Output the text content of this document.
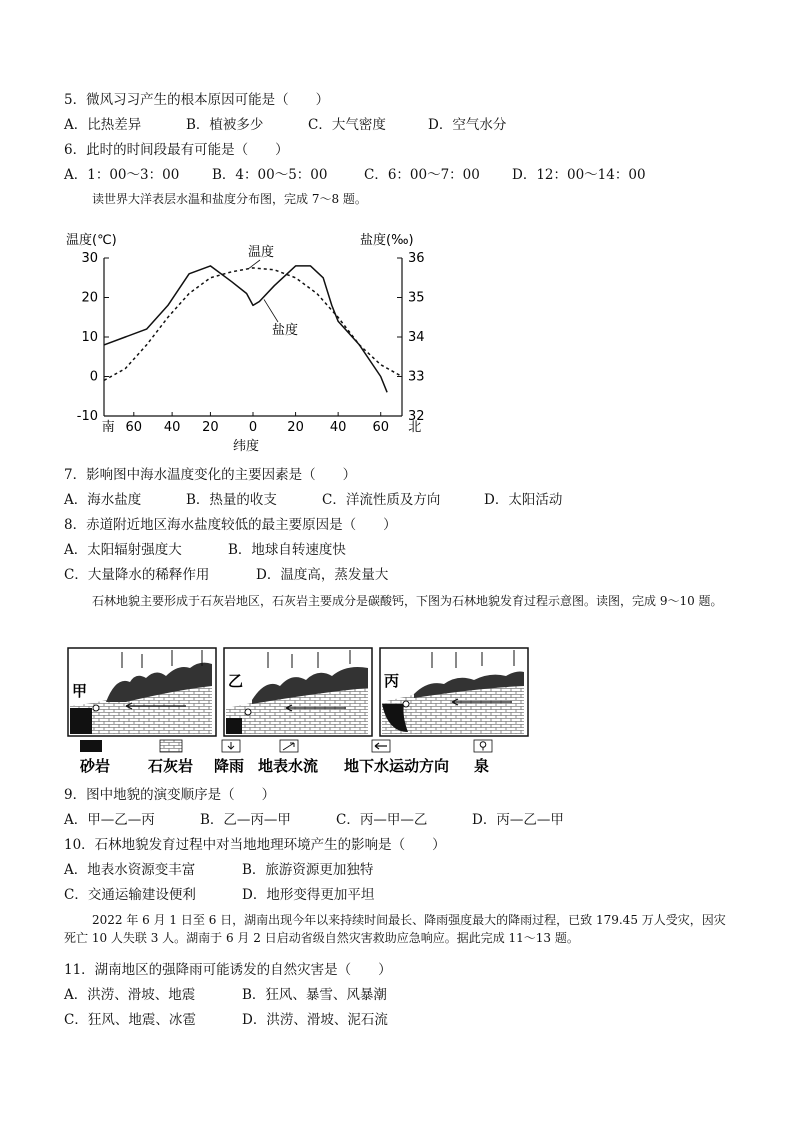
5．微风习习产生的根本原因可能是（　　）
A．比热差异	B．植被多少	C．大气密度	D．空气水分
6．此时的时间段最有可能是（　　）
A．1：00～3：00 B．4：00～5：00	C．6：00～7：00 D．12：00～14：00
读世界大洋表层水温和盐度分布图，完成 7～8 题。
30
20
10
0
-10
36
35
34
33
32
南 60 40 20 0 20 40 60 北
温度(℃)	盐度(‰)
纬度
温度
盐度
7．影响图中海水温度变化的主要因素是（　　）
A．海水盐度	B．热量的收支	C．洋流性质及方向	D．太阳活动
8．赤道附近地区海水盐度较低的最主要原因是（　　）
A．太阳辐射强度大	B．地球自转速度快
C．大量降水的稀释作用	D．温度高，蒸发量大
石林地貌主要形成于石灰岩地区，石灰岩主要成分是碳酸钙，下图为石林地貌发育过程示意图。读图，完成 9～10 题。
甲
乙	丙
砂岩	石灰岩 降雨 地表水流 地下水运动方向 泉
9．图中地貌的演变顺序是（　　）
A．甲—乙—丙	B．乙—丙—甲	C．丙—甲—乙	D．丙—乙—甲
10．石林地貌发育过程中对当地地理环境产生的影响是（　　）
A．地表水资源变丰富	B．旅游资源更加独特
C．交通运输建设便利	D．地形变得更加平坦
2022 年 6 月 1 日至 6 日，湖南出现今年以来持续时间最长、降雨强度最大的降雨过程，已致 179.45 万人受灾，因灾死亡 10 人失联 3 人。湖南于 6 月 2 日启动省级自然灾害救助应急响应。据此完成 11～13 题。
11．湖南地区的强降雨可能诱发的自然灾害是（　　）
A．洪涝、滑坡、地震	B．狂风、暴雪、风暴潮
C．狂风、地震、冰雹	D．洪涝、滑坡、泥石流
